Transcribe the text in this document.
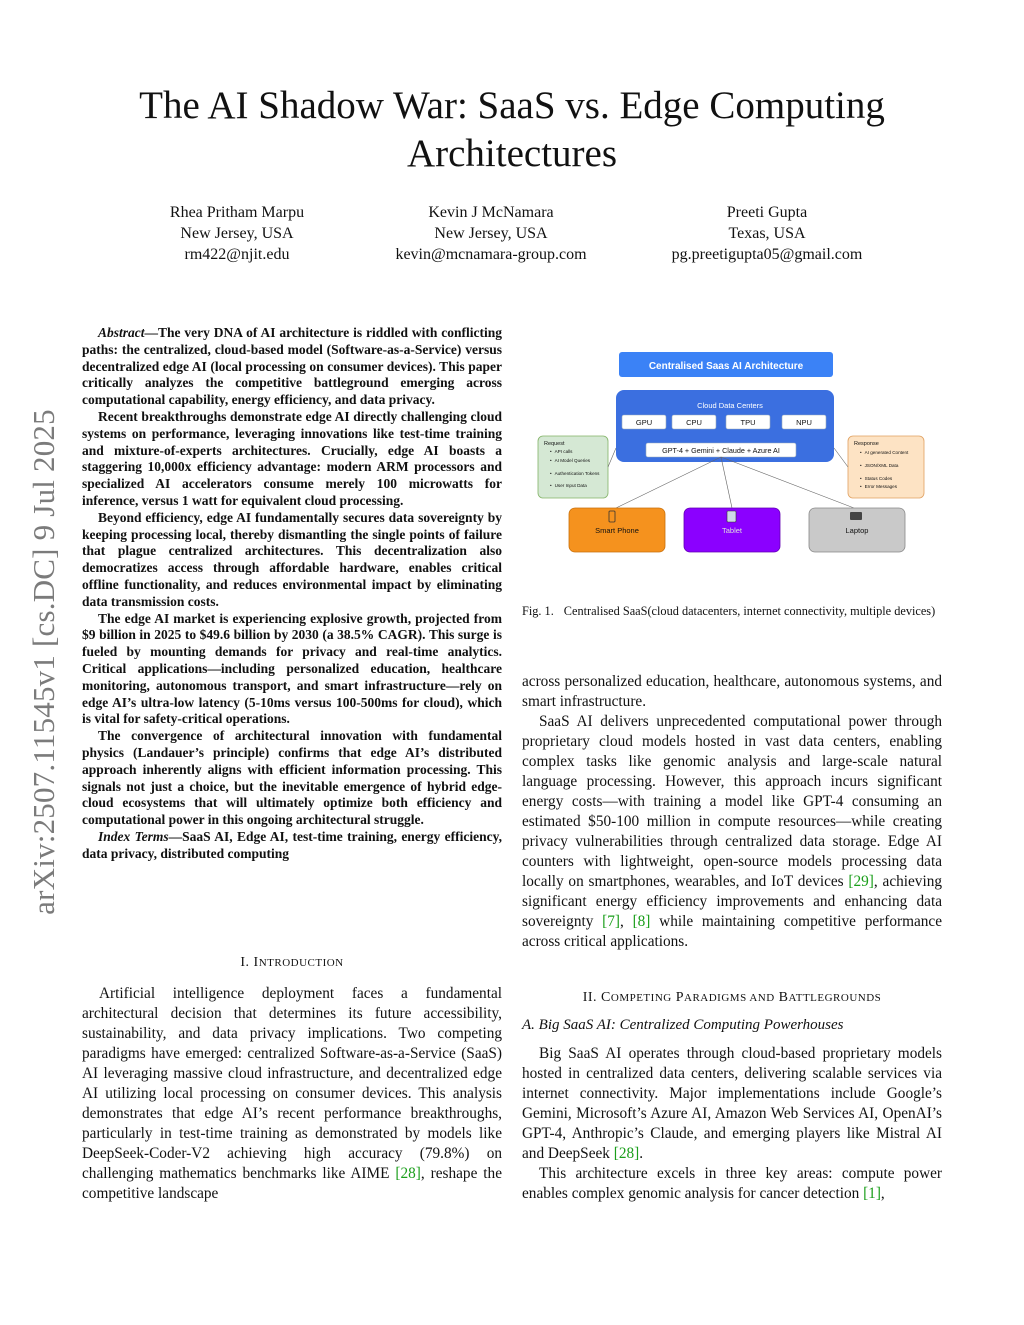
arXiv:2507.11545v1 [cs.DC] 9 Jul 2025
The AI Shadow War: SaaS vs. Edge Computing Architectures
Rhea Pritham Marpu
New Jersey, USA
rm422@njit.edu
Kevin J McNamara
New Jersey, USA
kevin@mcnamara-group.com
Preeti Gupta
Texas, USA
pg.preetigupta05@gmail.com

Abstract—The very DNA of AI architecture is riddled with conflicting paths: the centralized, cloud-based model (Software-as-a-Service) versus decentralized edge AI (local processing on consumer devices). This paper critically analyzes the competitive battleground emerging across computational capability, energy efficiency, and data privacy.

Recent breakthroughs demonstrate edge AI directly challenging cloud systems on performance, leveraging innovations like test-time training and mixture-of-experts architectures. Crucially, edge AI boasts a staggering 10,000x efficiency advantage: modern ARM processors and specialized AI accelerators consume merely 100 microwatts for inference, versus 1 watt for equivalent cloud processing.

Beyond efficiency, edge AI fundamentally secures data sovereignty by keeping processing local, thereby dismantling the single points of failure that plague centralized architectures. This decentralization also democratizes access through affordable hardware, enables critical offline functionality, and reduces environmental impact by eliminating data transmission costs.

The edge AI market is experiencing explosive growth, projected from $9 billion in 2025 to $49.6 billion by 2030 (a 38.5% CAGR). This surge is fueled by mounting demands for privacy and real-time analytics. Critical applications—including personalized education, healthcare monitoring, autonomous transport, and smart infrastructure—rely on edge AI’s ultra-low latency (5-10ms versus 100-500ms for cloud), which is vital for safety-critical operations.

The convergence of architectural innovation with fundamental physics (Landauer’s principle) confirms that edge AI’s distributed approach inherently aligns with efficient information processing. This signals not just a choice, but the inevitable emergence of hybrid edge-cloud ecosystems that will ultimately optimize both efficiency and computational power in this ongoing architectural struggle.

Index Terms—SaaS AI, Edge AI, test-time training, energy efficiency, data privacy, distributed computing

I. INTRODUCTION

Artificial intelligence deployment faces a fundamental architectural decision that determines its future accessibility, sustainability, and data privacy implications. Two competing paradigms have emerged: centralized Software-as-a-Service (SaaS) AI leveraging massive cloud infrastructure, and decentralized edge AI utilizing local processing on consumer devices. This analysis demonstrates that edge AI’s recent performance breakthroughs, particularly in test-time training as demonstrated by models like DeepSeek-Coder-V2 achieving high accuracy (79.8%) on challenging mathematics benchmarks like AIME [28], reshape the competitive landscape

Centralised Saas AI Architecture
Cloud Data Centers
GPU	CPU	TPU	NPU
GPT-4 + Gemini + Claude + Azure AI
Request
• API calls
• AI Model Queries
• Authentication Tokens
• User Input Data
Response
• AI generated Content
• JSON/XML Data
• Status Codes
• Error Messages
Smart Phone	Tablet	Laptop
Fig. 1. Centralised SaaS(cloud datacenters, internet connectivity, multiple devices)

across personalized education, healthcare, autonomous systems, and smart infrastructure.

SaaS AI delivers unprecedented computational power through proprietary cloud models hosted in vast data centers, enabling complex tasks like genomic analysis and large-scale natural language processing. However, this approach incurs significant energy costs—with training a model like GPT-4 consuming an estimated $50-100 million in compute resources—while creating privacy vulnerabilities through centralized data storage. Edge AI counters with lightweight, open-source models processing data locally on smartphones, wearables, and IoT devices [29], achieving significant energy efficiency improvements and enhancing data sovereignty [7], [8] while maintaining competitive performance across critical applications.

II. COMPETING PARADIGMS AND BATTLEGROUNDS
A. Big SaaS AI: Centralized Computing Powerhouses

Big SaaS AI operates through cloud-based proprietary models hosted in centralized data centers, delivering scalable services via internet connectivity. Major implementations include Google’s Gemini, Microsoft’s Azure AI, Amazon Web Services AI, OpenAI’s GPT-4, Anthropic’s Claude, and emerging players like Mistral AI and DeepSeek [28].

This architecture excels in three key areas: compute power enables complex genomic analysis for cancer detection [1],
